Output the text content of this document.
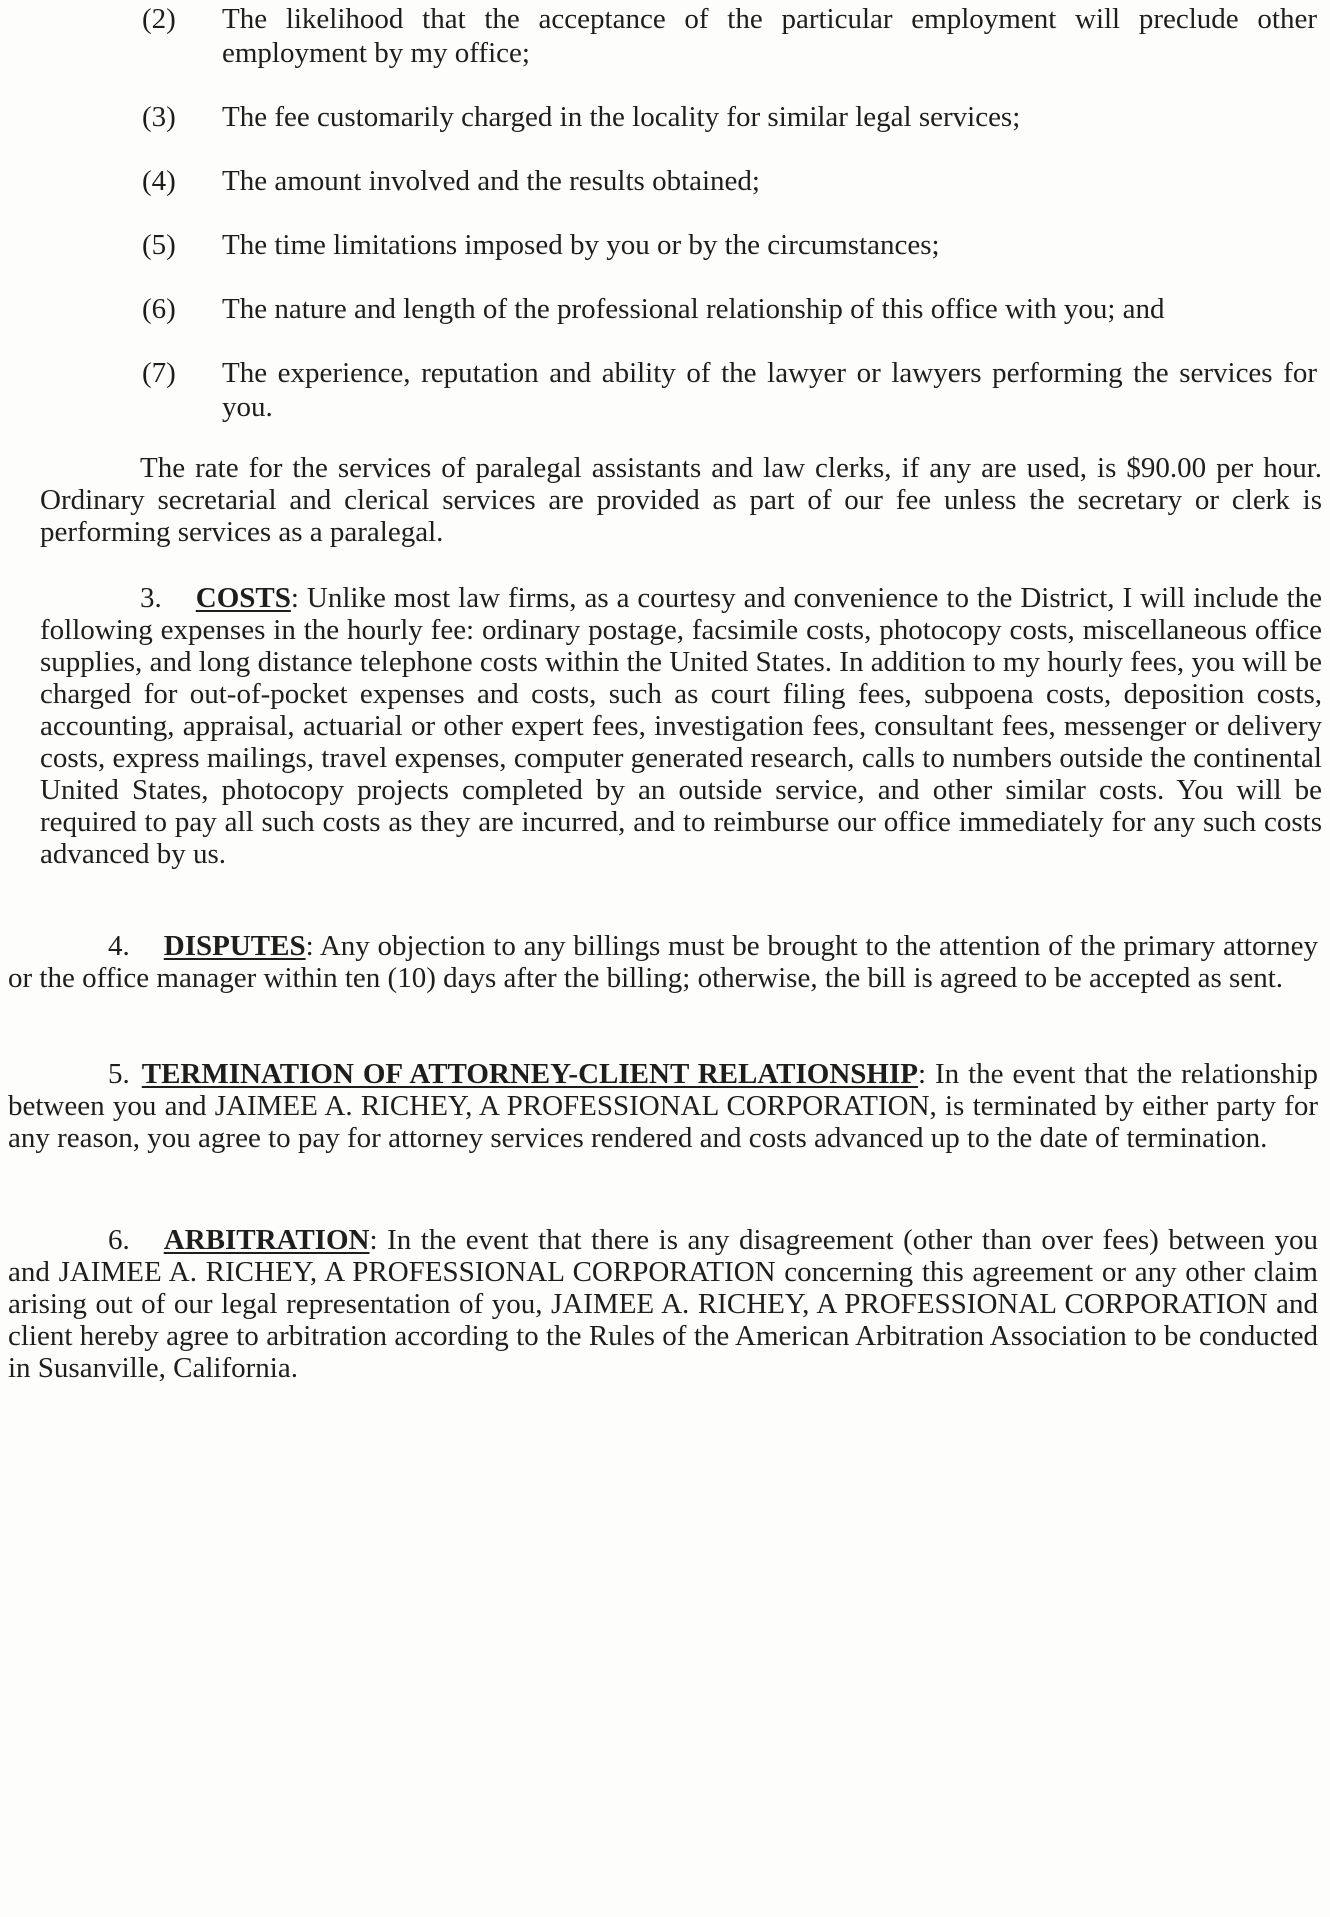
(2) The likelihood that the acceptance of the particular employment will preclude other employment by my office;
(3) The fee customarily charged in the locality for similar legal services;
(4) The amount involved and the results obtained;
(5) The time limitations imposed by you or by the circumstances;
(6) The nature and length of the professional relationship of this office with you; and
(7) The experience, reputation and ability of the lawyer or lawyers performing the services for you.
The rate for the services of paralegal assistants and law clerks, if any are used, is $90.00 per hour. Ordinary secretarial and clerical services are provided as part of our fee unless the secretary or clerk is performing services as a paralegal.
3. COSTS: Unlike most law firms, as a courtesy and convenience to the District, I will include the following expenses in the hourly fee: ordinary postage, facsimile costs, photocopy costs, miscellaneous office supplies, and long distance telephone costs within the United States. In addition to my hourly fees, you will be charged for out-of-pocket expenses and costs, such as court filing fees, subpoena costs, deposition costs, accounting, appraisal, actuarial or other expert fees, investigation fees, consultant fees, messenger or delivery costs, express mailings, travel expenses, computer generated research, calls to numbers outside the continental United States, photocopy projects completed by an outside service, and other similar costs. You will be required to pay all such costs as they are incurred, and to reimburse our office immediately for any such costs advanced by us.
4. DISPUTES: Any objection to any billings must be brought to the attention of the primary attorney or the office manager within ten (10) days after the billing; otherwise, the bill is agreed to be accepted as sent.
5. TERMINATION OF ATTORNEY-CLIENT RELATIONSHIP: In the event that the relationship between you and JAIMEE A. RICHEY, A PROFESSIONAL CORPORATION, is terminated by either party for any reason, you agree to pay for attorney services rendered and costs advanced up to the date of termination.
6. ARBITRATION: In the event that there is any disagreement (other than over fees) between you and JAIMEE A. RICHEY, A PROFESSIONAL CORPORATION concerning this agreement or any other claim arising out of our legal representation of you, JAIMEE A. RICHEY, A PROFESSIONAL CORPORATION and client hereby agree to arbitration according to the Rules of the American Arbitration Association to be conducted in Susanville, California.
